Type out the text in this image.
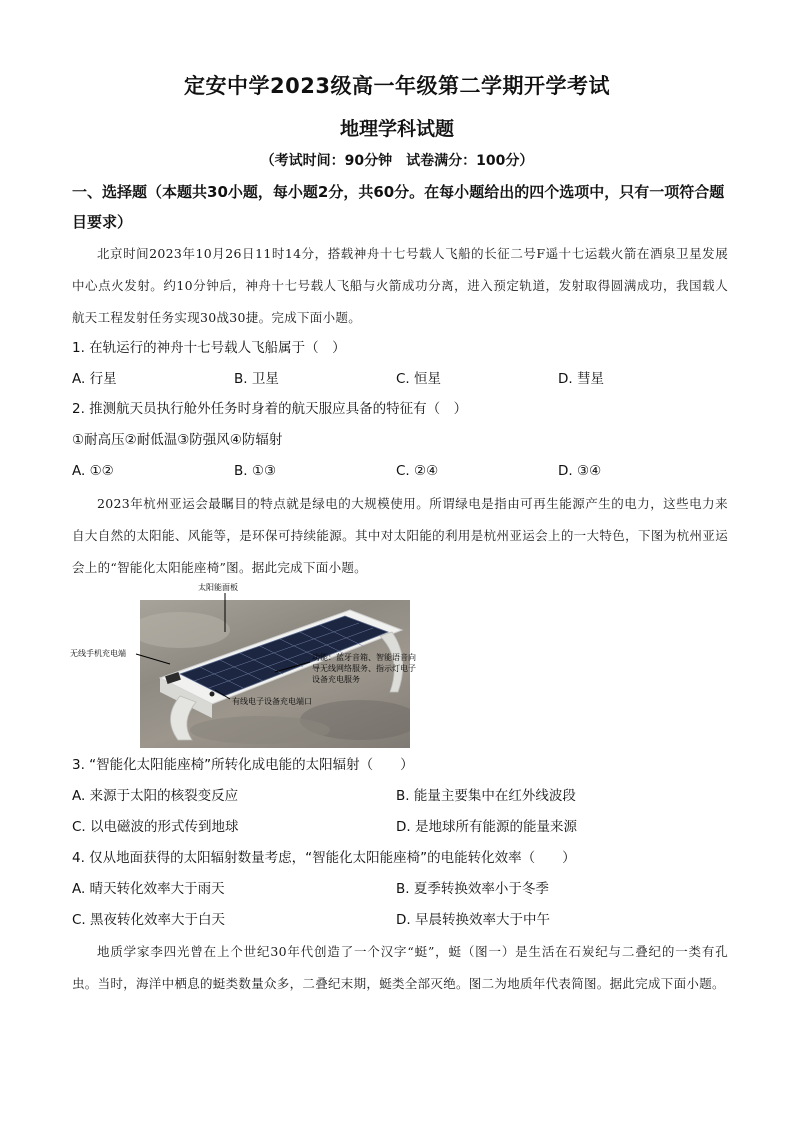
定安中学2023级高一年级第二学期开学考试
地理学科试题
（考试时间：90分钟　试卷满分：100分）
一、选择题（本题共30小题，每小题2分，共60分。在每小题给出的四个选项中，只有一项符合题目要求）
北京时间2023年10月26日11时14分，搭载神舟十七号载人飞船的长征二号F遥十七运载火箭在酒泉卫星发展中心点火发射。约10分钟后，神舟十七号载人飞船与火箭成功分离，进入预定轨道，发射取得圆满成功，我国载人航天工程发射任务实现30战30捷。完成下面小题。
1. 在轨运行的神舟十七号载人飞船属于（　）
A. 行星	B. 卫星	C. 恒星	D. 彗星
2. 推测航天员执行舱外任务时身着的航天服应具备的特征有（　）
①耐高压②耐低温③防强风④防辐射
A. ①②	B. ①③	C. ②④	D. ③④
2023年杭州亚运会最瞩目的特点就是绿电的大规模使用。所谓绿电是指由可再生能源产生的电力，这些电力来自大自然的太阳能、风能等，是环保可持续能源。其中对太阳能的利用是杭州亚运会上的一大特色，下图为杭州亚运会上的“智能化太阳能座椅”图。据此完成下面小题。
太阳能面板
无线手机充电端	功能：蓝牙音箱、智能语音向导无线网络服务、指示灯电子设备充电服务
有线电子设备充电端口
3. “智能化太阳能座椅”所转化成电能的太阳辐射（　　）
A. 来源于太阳的核裂变反应	B. 能量主要集中在红外线波段
C. 以电磁波的形式传到地球	D. 是地球所有能源的能量来源
4. 仅从地面获得的太阳辐射数量考虑，“智能化太阳能座椅”的电能转化效率（　　）
A. 晴天转化效率大于雨天	B. 夏季转换效率小于冬季
C. 黑夜转化效率大于白天	D. 早晨转换效率大于中午
地质学家李四光曾在上个世纪30年代创造了一个汉字“蜓”，蜓（图一）是生活在石炭纪与二叠纪的一类有孔虫。当时，海洋中栖息的蜓类数量众多，二叠纪末期，蜓类全部灭绝。图二为地质年代表简图。据此完成下面小题。
